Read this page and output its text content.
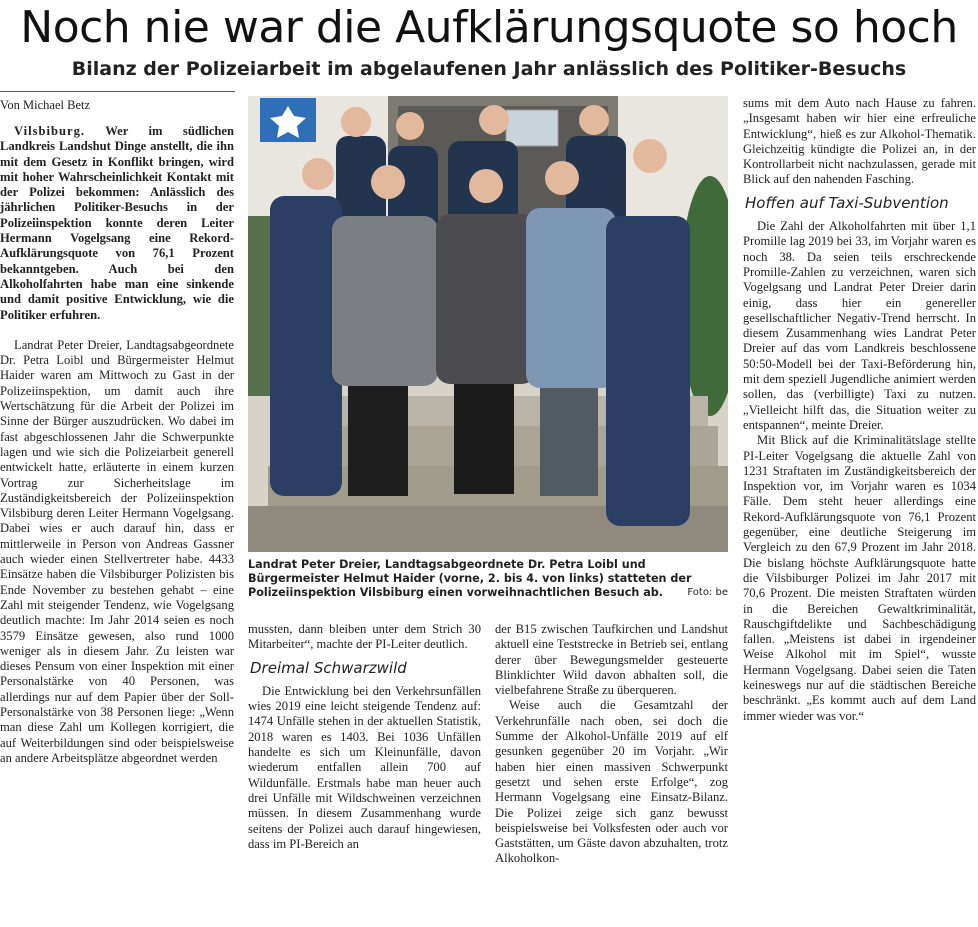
Noch nie war die Aufklärungsquote so hoch
Bilanz der Polizeiarbeit im abgelaufenen Jahr anlässlich des Politiker-Besuchs
Von Michael Betz

Vilsbiburg. Wer im südlichen Landkreis Landshut Dinge anstellt, die ihn mit dem Gesetz in Konflikt bringen, wird mit hoher Wahrscheinlichkeit Kontakt mit der Polizei bekommen: Anlässlich des jährlichen Politiker-Besuchs in der Polizeiinspektion konnte deren Leiter Hermann Vogelgsang eine Rekord-Aufklärungsquote von 76,1 Prozent bekanntgeben. Auch bei den Alkoholfahrten habe man eine sinkende und damit positive Entwicklung, wie die Politiker erfuhren.

Landrat Peter Dreier, Landtagsabgeordnete Dr. Petra Loibl und Bürgermeister Helmut Haider waren am Mittwoch zu Gast in der Polizeiinspektion, um damit auch ihre Wertschätzung für die Arbeit der Polizei im Sinne der Bürger auszudrücken. Wo dabei im fast abgeschlossenen Jahr die Schwerpunkte lagen und wie sich die Polizeiarbeit generell entwickelt hatte, erläuterte in einem kurzen Vortrag zur Sicherheitslage im Zuständigkeitsbereich der Polizeiinspektion Vilsbiburg deren Leiter Hermann Vogelgsang. Dabei wies er auch darauf hin, dass er mittlerweile in Person von Andreas Gassner auch wieder einen Stellvertreter habe. 4433 Einsätze haben die Vilsbiburger Polizisten bis Ende November zu bestehen gehabt – eine Zahl mit steigender Tendenz, wie Vogelgsang deutlich machte: Im Jahr 2014 seien es noch 3579 Einsätze gewesen, also rund 1000 weniger als in diesem Jahr. Zu leisten war dieses Pensum von einer Inspektion mit einer Personalstärke von 40 Personen, was allerdings nur auf dem Papier über der Soll-Personalstärke von 38 Personen liege: „Wenn man diese Zahl um Kollegen korrigiert, die auf Weiterbildungen sind oder beispielsweise an andere Arbeitsplätze abgeordnet werden

Landrat Peter Dreier, Landtagsabgeordnete Dr. Petra Loibl und Bürgermeister Helmut Haider (vorne, 2. bis 4. von links) statteten der Polizeiinspektion Vilsbiburg einen vorweihnachtlichen Besuch ab. Foto: be

mussten, dann bleiben unter dem Strich 30 Mitarbeiter“, machte der PI-Leiter deutlich.

Dreimal Schwarzwild

Die Entwicklung bei den Verkehrsunfällen wies 2019 eine leicht steigende Tendenz auf: 1474 Unfälle stehen in der aktuellen Statistik, 2018 waren es 1403. Bei 1036 Unfällen handelte es sich um Kleinunfälle, davon wiederum entfallen allein 700 auf Wildunfälle. Erstmals habe man heuer auch drei Unfälle mit Wildschweinen verzeichnen müssen. In diesem Zusammenhang wurde seitens der Polizei auch darauf hingewiesen, dass im PI-Bereich an

der B15 zwischen Taufkirchen und Landshut aktuell eine Teststrecke in Betrieb sei, entlang derer über Bewegungsmelder gesteuerte Blinklichter Wild davon abhalten soll, die vielbefahrene Straße zu überqueren.

Weise auch die Gesamtzahl der Verkehrunfälle nach oben, sei doch die Summe der Alkohol-Unfälle 2019 auf elf gesunken gegenüber 20 im Vorjahr. „Wir haben hier einen massiven Schwerpunkt gesetzt und sehen erste Erfolge“, zog Hermann Vogelgsang eine Einsatz-Bilanz. Die Polizei zeige sich ganz bewusst beispielsweise bei Volksfesten oder auch vor Gaststätten, um Gäste davon abzuhalten, trotz Alkoholkon-

sums mit dem Auto nach Hause zu fahren. „Insgesamt haben wir hier eine erfreuliche Entwicklung“, hieß es zur Alkohol-Thematik. Gleichzeitig kündigte die Polizei an, in der Kontrollarbeit nicht nachzulassen, gerade mit Blick auf den nahenden Fasching.

Hoffen auf Taxi-Subvention

Die Zahl der Alkoholfahrten mit über 1,1 Promille lag 2019 bei 33, im Vorjahr waren es noch 38. Da seien teils erschreckende Promille-Zahlen zu verzeichnen, waren sich Vogelgsang und Landrat Peter Dreier darin einig, dass hier ein genereller gesellschaftlicher Negativ-Trend herrscht. In diesem Zusammenhang wies Landrat Peter Dreier auf das vom Landkreis beschlossene 50:50-Modell bei der Taxi-Beförderung hin, mit dem speziell Jugendliche animiert werden sollen, das (verbilligte) Taxi zu nutzen. „Vielleicht hilft das, die Situation weiter zu entspannen“, meinte Dreier.

Mit Blick auf die Kriminalitätslage stellte PI-Leiter Vogelgsang die aktuelle Zahl von 1231 Straftaten im Zuständigkeitsbereich der Inspektion vor, im Vorjahr waren es 1034 Fälle. Dem steht heuer allerdings eine Rekord-Aufklärungsquote von 76,1 Prozent gegenüber, eine deutliche Steigerung im Vergleich zu den 67,9 Prozent im Jahr 2018. Die bislang höchste Aufklärungsquote hatte die Vilsbiburger Polizei im Jahr 2017 mit 70,6 Prozent. Die meisten Straftaten würden in die Bereichen Gewaltkriminalität, Rauschgiftdelikte und Sachbeschädigung fallen. „Meistens ist dabei in irgendeiner Weise Alkohol mit im Spiel“, wusste Hermann Vogelgsang. Dabei seien die Taten keineswegs nur auf die städtischen Bereiche beschränkt. „Es kommt auch auf dem Land immer wieder was vor.“
